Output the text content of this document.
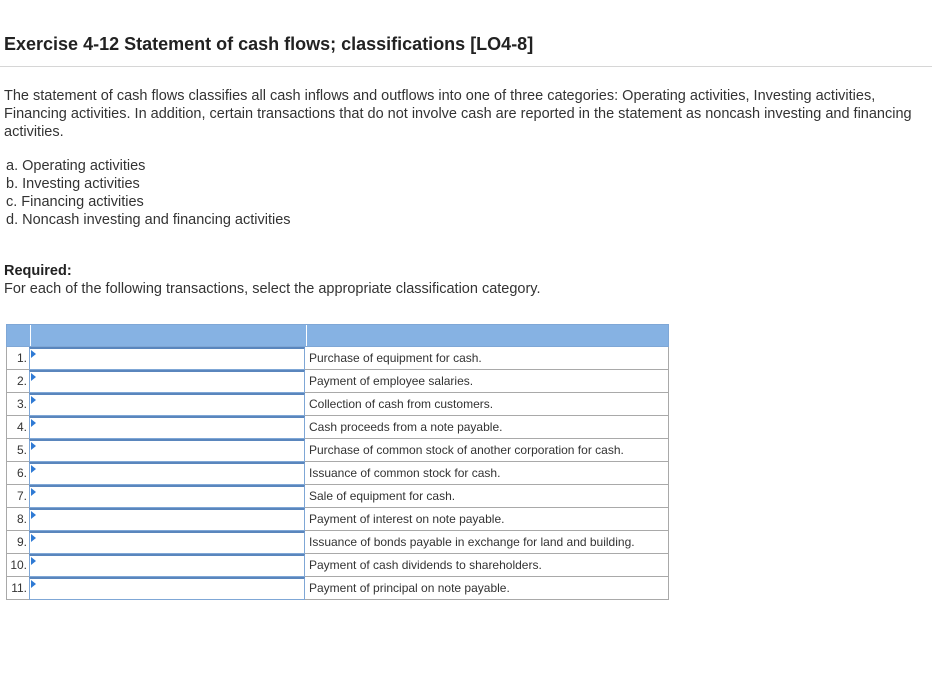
Exercise 4-12 Statement of cash flows; classifications [LO4-8]
The statement of cash flows classifies all cash inflows and outflows into one of three categories: Operating activities, Investing activities, Financing activities. In addition, certain transactions that do not involve cash are reported in the statement as noncash investing and financing activities.
a. Operating activities
b. Investing activities
c. Financing activities
d. Noncash investing and financing activities
Required:
For each of the following transactions, select the appropriate classification category.
1.	Purchase of equipment for cash.
2.	Payment of employee salaries.
3.	Collection of cash from customers.
4.	Cash proceeds from a note payable.
5.	Purchase of common stock of another corporation for cash.
6.	Issuance of common stock for cash.
7.	Sale of equipment for cash.
8.	Payment of interest on note payable.
9.	Issuance of bonds payable in exchange for land and building.
10.	Payment of cash dividends to shareholders.
11.	Payment of principal on note payable.
